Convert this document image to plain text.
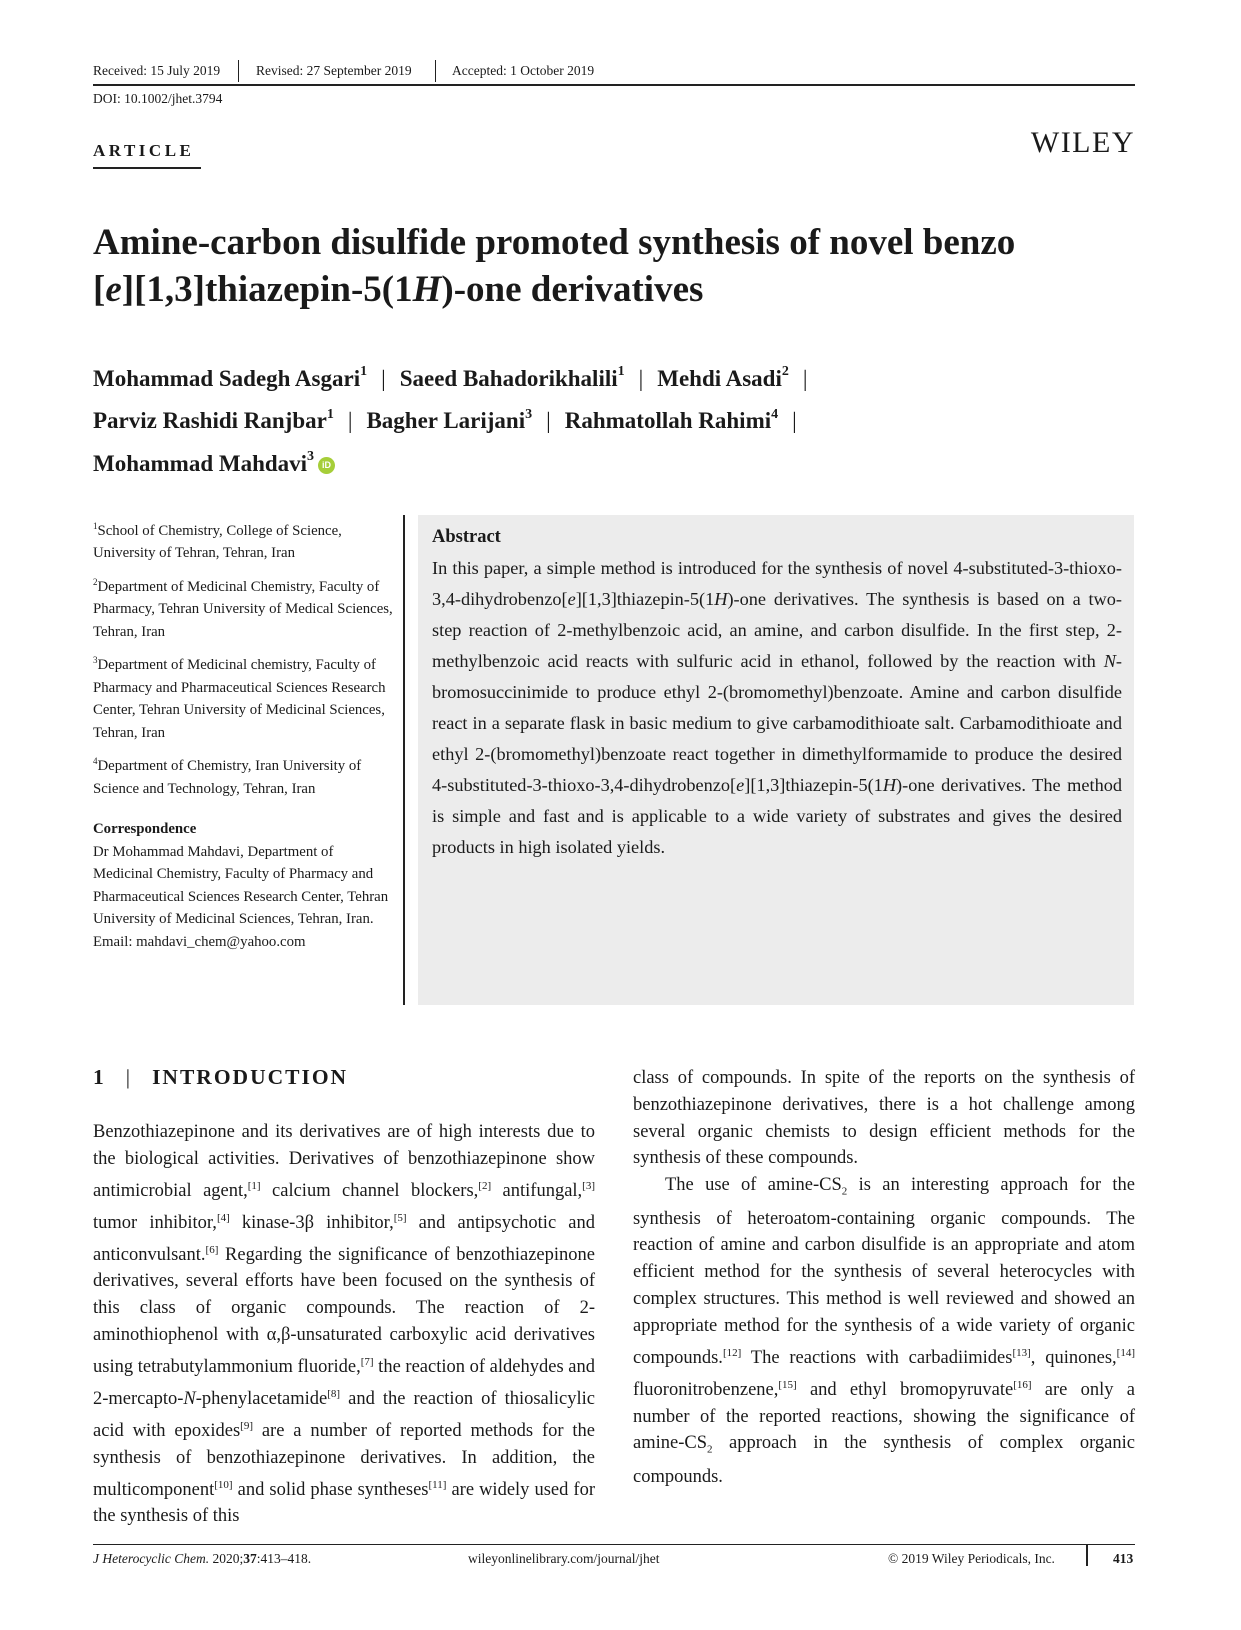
Received: 15 July 2019	Revised: 27 September 2019	Accepted: 1 October 2019
DOI: 10.1002/jhet.3794
ARTICLE	WILEY
Amine-carbon disulfide promoted synthesis of novel benzo
[e][1,3]thiazepin-5(1H)-one derivatives
Mohammad Sadegh Asgari$^1$ | Saeed Bahadorikhalili$^1$ | Mehdi Asadi$^2$ |
Parviz Rashidi Ranjbar$^1$ | Bagher Larijani$^3$ | Rahmatollah Rahimi$^4$ |
Mohammad Mahdavi$^3$iD

$^1$School of Chemistry, College of Science, University of Tehran, Tehran, Iran

$^2$Department of Medicinal Chemistry, Faculty of Pharmacy, Tehran University of Medical Sciences, Tehran, Iran

$^3$Department of Medicinal chemistry, Faculty of Pharmacy and Pharmaceutical Sciences Research Center, Tehran University of Medicinal Sciences, Tehran, Iran

$^4$Department of Chemistry, Iran University of Science and Technology, Tehran, Iran

Correspondence
Dr Mohammad Mahdavi, Department of Medicinal Chemistry, Faculty of Pharmacy and Pharmaceutical Sciences Research Center, Tehran University of Medicinal Sciences, Tehran, Iran.
Email: mahdavi_chem@yahoo.com
Abstract
In this paper, a simple method is introduced for the synthesis of novel 4-substituted-3-thioxo-3,4-dihydrobenzo[e][1,3]thiazepin-5(1H)-one derivatives. The synthesis is based on a two-step reaction of 2-methylbenzoic acid, an amine, and carbon disulfide. In the first step, 2-methylbenzoic acid reacts with sulfuric acid in ethanol, followed by the reaction with N-bromosuccinimide to produce ethyl 2-(bromomethyl)benzoate. Amine and carbon disulfide react in a separate flask in basic medium to give carbamodithioate salt. Carbamodithioate and ethyl 2-(bromomethyl)benzoate react together in dimethylformamide to produce the desired 4-substituted-3-thioxo-3,4-dihydrobenzo[e][1,3]thiazepin-5(1H)-one derivatives. The method is simple and fast and is applicable to a wide variety of substrates and gives the desired products in high isolated yields.
1 | INTRODUCTION

Benzothiazepinone and its derivatives are of high interests due to the biological activities. Derivatives of benzothiazepinone show antimicrobial agent,[1] calcium channel blockers,[2] antifungal,[3] tumor inhibitor,[4] kinase-3β inhibitor,[5] and antipsychotic and anticonvulsant.[6] Regarding the significance of benzothiazepinone derivatives, several efforts have been focused on the synthesis of this class of organic compounds. The reaction of 2-aminothiophenol with α,β-unsaturated carboxylic acid derivatives using tetrabutylammonium fluoride,[7] the reaction of aldehydes and 2-mercapto-N-phenylacetamide[8] and the reaction of thiosalicylic acid with epoxides[9] are a number of reported methods for the synthesis of benzothiazepinone derivatives. In addition, the multicomponent[10] and solid phase syntheses[11] are widely used for the synthesis of this

class of compounds. In spite of the reports on the synthesis of benzothiazepinone derivatives, there is a hot challenge among several organic chemists to design efficient methods for the synthesis of these compounds.

The use of amine-$CS_2$ is an interesting approach for the synthesis of heteroatom-containing organic compounds. The reaction of amine and carbon disulfide is an appropriate and atom efficient method for the synthesis of several heterocycles with complex structures. This method is well reviewed and showed an appropriate method for the synthesis of a wide variety of organic compounds.[12] The reactions with carbadiimides[13], quinones,[14] fluoronitrobenzene,[15] and ethyl bromopyruvate[16] are only a number of the reported reactions, showing the significance of amine-$CS_2$ approach in the synthesis of complex organic compounds.

J Heterocyclic Chem. 2020;37:413–418.	wileyonlinelibrary.com/journal/jhet	© 2019 Wiley Periodicals, Inc.	413
